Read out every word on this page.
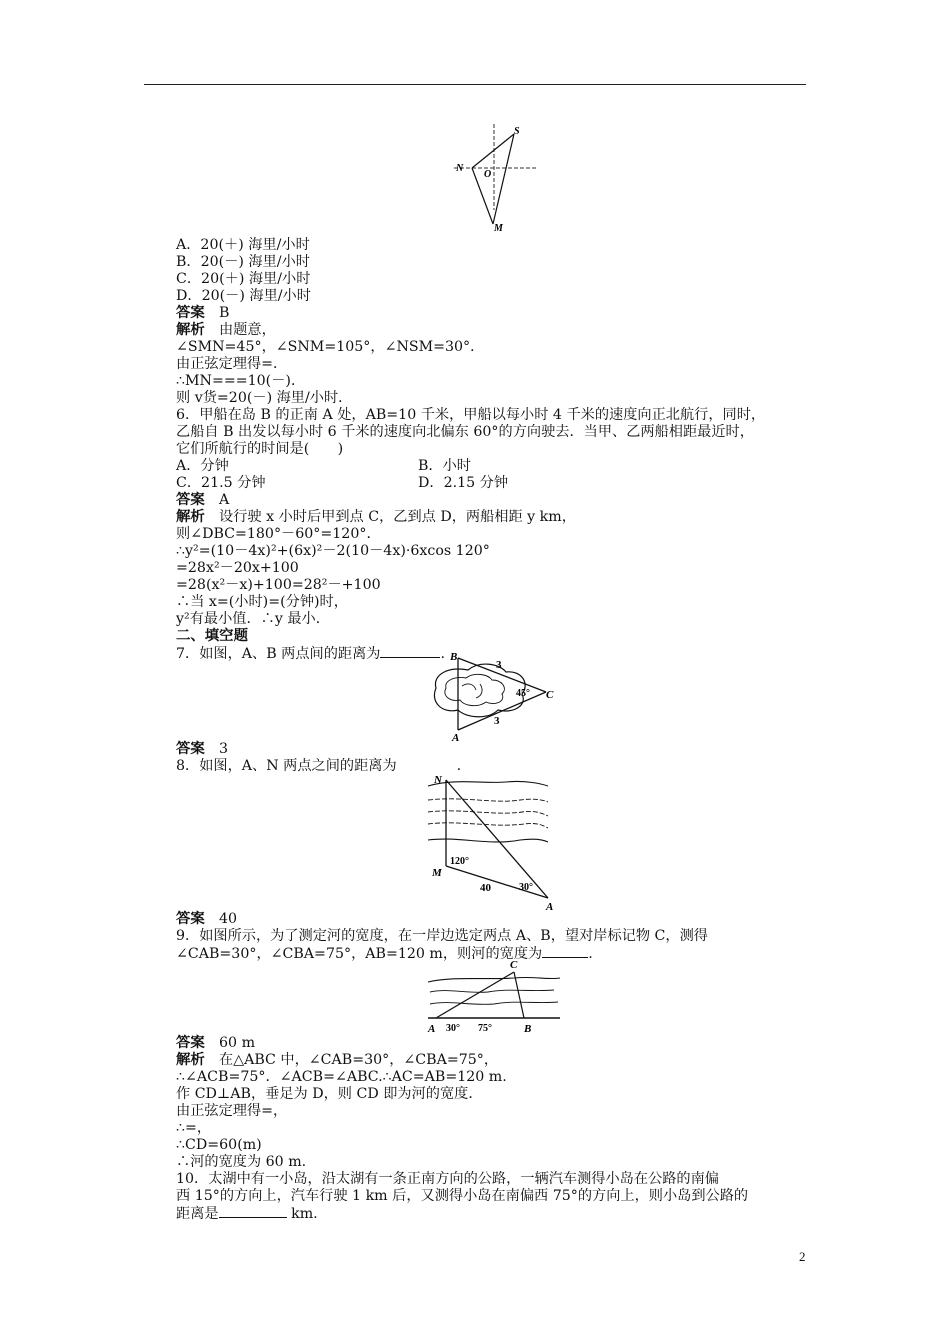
S
N
O
M
A．20(＋) 海里/小时
B．20(－) 海里/小时
C．20(＋) 海里/小时
D．20(－) 海里/小时
答案　 B
解析　 由题意，
∠SMN=45°，∠SNM=105°，∠NSM=30°．
由正弦定理得=．
∴MN===10(－)．
则 v货=20(－) 海里/小时．
6．甲船在岛 B 的正南 A 处，AB=10 千米，甲船以每小时 4 千米的速度向正北航行，同时，
乙船自 B 出发以每小时 6 千米的速度向北偏东 60°的方向驶去．当甲、乙两船相距最近时，
它们所航行的时间是(　　)
A．分钟	B．小时
C．21.5 分钟	D．2.15 分钟
答案　 A
解析　 设行驶 x 小时后甲到点 C，乙到点 D，两船相距 y km，
则∠DBC=180°－60°=120°．
∴y²=(10－4x)²+(6x)²－2(10－4x)·6xcos 120°
=28x²－20x+100
=28(x²－x)+100=28²－+100
∴当 x=(小时)=(分钟)时，
y²有最小值．∴y 最小．
二、填空题
7．如图，A、B 两点间的距离为	. B
A
C
3
3
45°
答案　 3
8．如图，A、N 两点之间的距离为	.
N
M
A
120°
40	30°
答案　 40
9．如图所示，为了测定河的宽度，在一岸边选定两点 A、B，望对岸标记物 C，测得
∠CAB=30°，∠CBA=75°，AB=120 m，则河的宽度为	.
C
A	B
30° 75°
答案　 60 m
解析　 在△ABC 中，∠CAB=30°，∠CBA=75°，
∴∠ACB=75°．∠ACB=∠ABC.∴AC=AB=120 m.
作 CD⊥AB，垂足为 D，则 CD 即为河的宽度．
由正弦定理得=，
∴=，
∴CD=60(m)
∴河的宽度为 60 m.
10．太湖中有一小岛，沿太湖有一条正南方向的公路，一辆汽车测得小岛在公路的南偏
西 15°的方向上，汽车行驶 1 km 后，又测得小岛在南偏西 75°的方向上，则小岛到公路的
距离是	km.
2
